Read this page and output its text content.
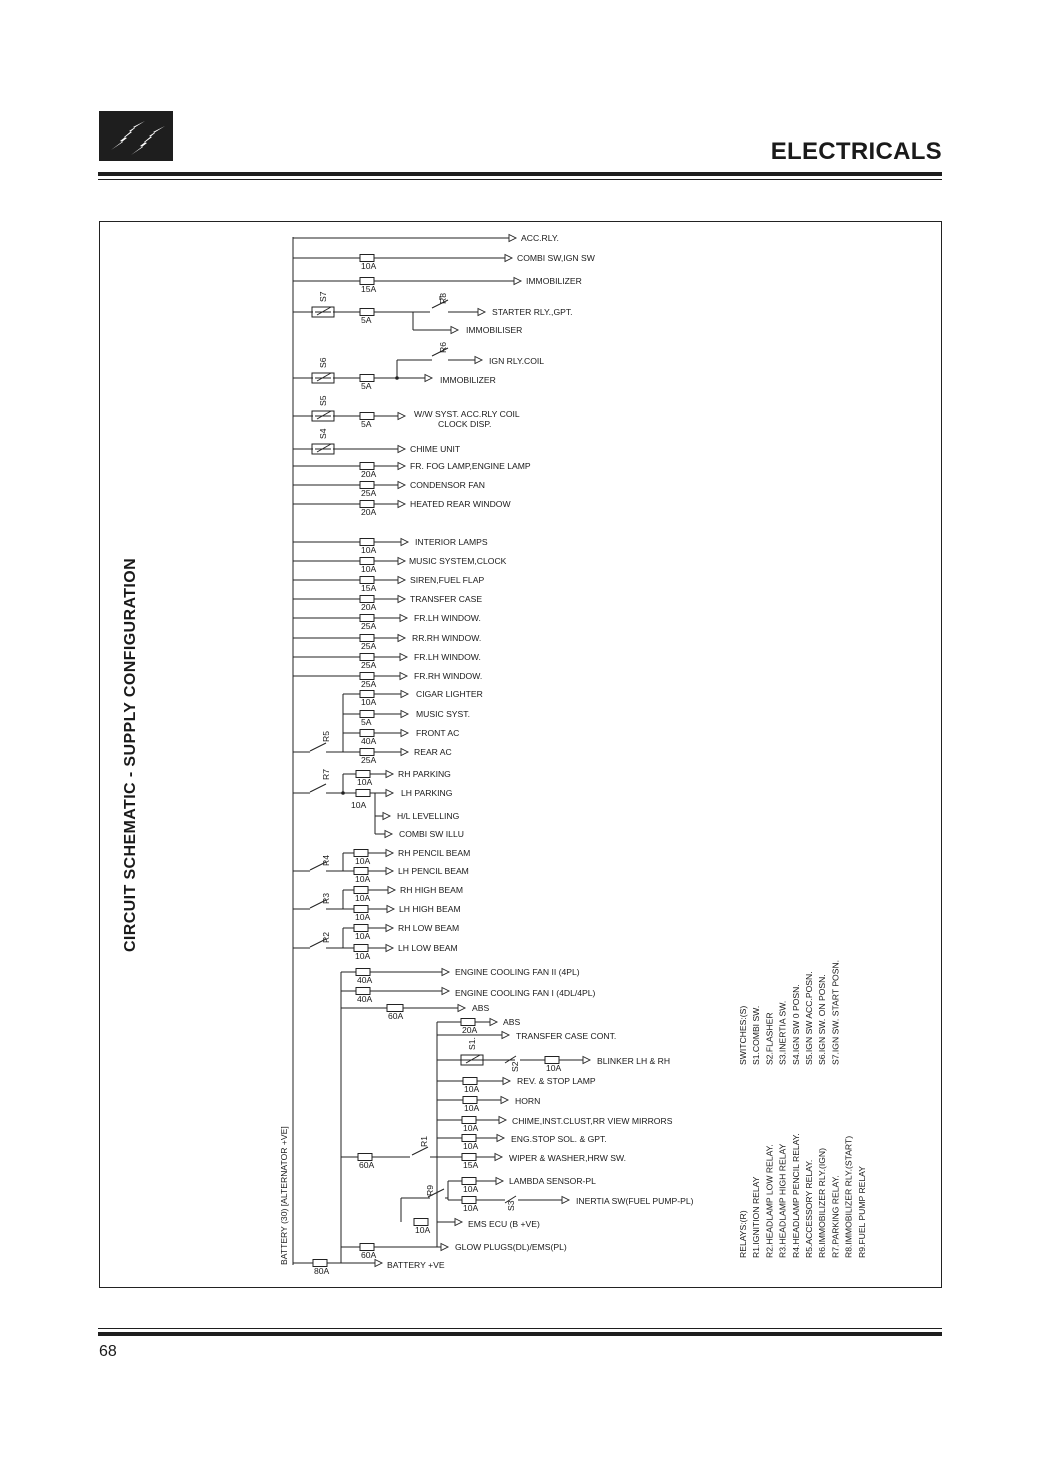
ELECTRICALS
CIRCUIT SCHEMATIC - SUPPLY CONFIGURATION
BATTERY (30) [ALTERNATOR +VE]
ACC.RLY.
10A
COMBI SW,IGN SW
15A
IMMOBILIZER
20A
FR. FOG LAMP,ENGINE LAMP
25A
CONDENSOR FAN
20A
HEATED REAR WINDOW
10A
INTERIOR LAMPS
10A
MUSIC SYSTEM,CLOCK
15A
SIREN,FUEL FLAP
20A
TRANSFER CASE
25A
FR.LH WINDOW.
25A
RR.RH WINDOW.
25A
FR.LH WINDOW.
25A
FR.RH WINDOW.
S7
5A
IMMOBILISER
R8
STARTER RLY.,GPT.
S6
5A
IMMOBILIZER
R6
IGN RLY.COIL
S5
5A
W/W SYST. ACC.RLY COIL
CLOCK DISP.
S4
CHIME UNIT
R5
10A
CIGAR LIGHTER
5A
MUSIC SYST.
40A
FRONT AC
25A
REAR AC
R7
10A
RH PARKING
10A
LH PARKING
H/L LEVELLING
COMBI SW ILLU
R4	10A
RH PENCIL BEAM
10A
LH PENCIL BEAM
R3	10A
RH HIGH BEAM
10A
LH HIGH BEAM
R2	10A
RH LOW BEAM
10A
LH LOW BEAM
80A
BATTERY +VE
40A
ENGINE COOLING FAN II (4PL)
40A
ENGINE COOLING FAN I (4DL/4PL)
60A
ABS
60A
R1
60A
GLOW PLUGS(DL)/EMS(PL)
20A
ABS
TRANSFER CASE CONT.
S1.
S2	10A
BLINKER LH & RH
10A
REV. & STOP LAMP
10A
HORN
10A
CHIME,INST.CLUST,RR VIEW MIRRORS
10A
ENG.STOP SOL. & GPT.
15A
WIPER & WASHER,HRW SW.
10A
EMS ECU (B +VE)
R9	10A
LAMBDA SENSOR-PL
10A	S3	INERTIA SW(FUEL PUMP-PL)
SWITCHES:(S) S1.COMBI SW. S2.FLASHER S3.INERTIA SW. S4.IGN SW 0 POSN. S5.IGN SW ACC.POSN. S6.IGN SW. ON POSN. S7.IGN SW. START POSN.
RELAYS:(R) R1.IGNITION RELAY R2.HEADLAMP LOW RELAY. R3.HEADLAMP HIGH RELAY R4.HEADLAMP PENCIL RELAY. R5.ACCESSORY RELAY. R6.IMMOBILIZER RLY.(IGN) R7.PARKING RELAY. R8.IMMOBILIZER RLY.(START) R9.FUEL PUMP RELAY
68
